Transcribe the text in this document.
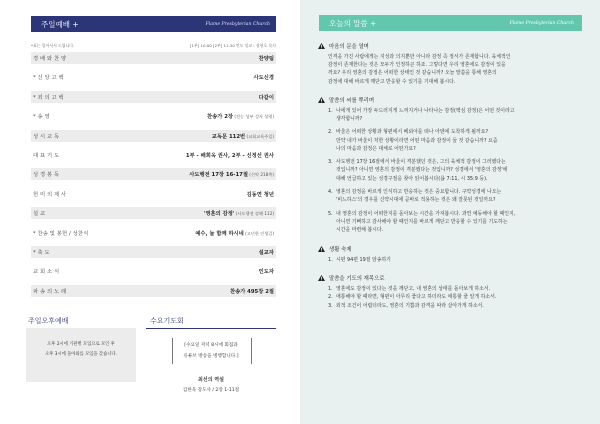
주일예배 +	Flame Presbyterian Church
*표는 일어서서 드립니다.	[1부] 10:00 [2부] 11:30 인도 설교 : 장현호 목사
경 배 와 찬 양	찬양팀
* 신 앙 고 백	사도신경
* 죄 의 고 백	다같이
* 송 영	찬송가 2장 (전능 성부 성자 성령)
성 시 교 독	교독문 112번 (교회교육주일)
대 표 기 도	1부 - 배희옥 권사, 2부 - 신정선 권사
성 경 봉 독	사도행전 17장 16-17절 (신약 218쪽)
헌 미 의 제 사	김동연 청년
설 교	'영혼의 감정' (사도행전 강해 112)
* 찬송 및 봉헌 / 성찬식	예수, 늘 함께 하시네 (고넌한 인생길)
* 축 도	설교자
교 회 소 식	인도자
파 송 의 노 래	찬송가 495장 2절
주일오후예배
오후 2시에 기관별 모임으로 모인 후
오후 3시에 돌아와를 모임을 갖습니다.
수요기도회
[수요일 저녁 8시에 회집과
유튜브 방송을 병행합니다.]
최선의 역설
김한욱 강도사 / 2장 1-11절
오늘의 말씀 +	Flame Presbyterian Church
마음의 문을 열며
인격을 가진 사람에게는 지성과 의지뿐만 아니라 감정 즉 정서가 존재합니다. 육체적인
감정이 존재한다는 것은 모두가 인정하곤 하죠. 그렇다면 우리 영혼에도 감정이 있을
까요? 우리 영혼의 감정은 어떠한 상태인 것 같습니까? 오늘 말씀을 통해 영혼의
감정에 대해 바르게 깨닫고 반응할 수 있기를 기대해 봅시다.
말씀의 씨를 뿌리며
1. 나에게 있어 가장 두드러지게 느껴지거나 나타나는 감정(핵심 감정)은 어떤 것이라고
생각합니까?
2. 바울은 어떠한 상황과 형편에서 베뢰아를 떠나 아덴에 도착하게 될까요?
만약 내가 바울이 처한 상황이라면 어떤 마음과 감정이 들 것 같습니까? 요즘
나의 마음과 감정은 대체로 어떤가요?
3. 사도행전 17장 16절에서 바울이 격분했던 것은, 그의 육체적 감정이 그러했다는
것입니까? 아니면 영혼의 감정이 격분했다는 것입니까? 성경에서 '영혼의 감정'에
대해 언급하고 있는 성경구절을 찾아 읽어봅시다(욥 7:11, 시 35:9 등).
4. 영혼의 감정을 바르게 인식하고 반응하는 것은 중요합니다. 구약성경에 나오는
'비느하스'의 경우를 신약시대에 곧바로 적용하는 것은 왜 잘못된 것일까요?
5. 내 영혼의 감정이 어떠한지를 돌아보는 시간을 가져봅시다. 과연 예동해야 할 때인지,
아니면 기뻐하고 감사해야 할 때인지를 바르게 깨닫고 반응할 수 있기를 기도하는
시간을 마련해 봅시다.
생활 숙제
1. 시편 94편 19절 암송하기
말씀을 기도의 재목으로
1. 영혼에도 감정이 있다는 것을 깨닫고, 내 영혼의 상태를 돌아보게 하소서.
2. 애통해야 할 때라면, 형편이 아무리 좋다고 하더라도 애통할 줄 알게 하소서.
3. 외적 조건이 어렵더라도, 영혼의 기쁨과 감격을 따라 살아가게 하소서.
